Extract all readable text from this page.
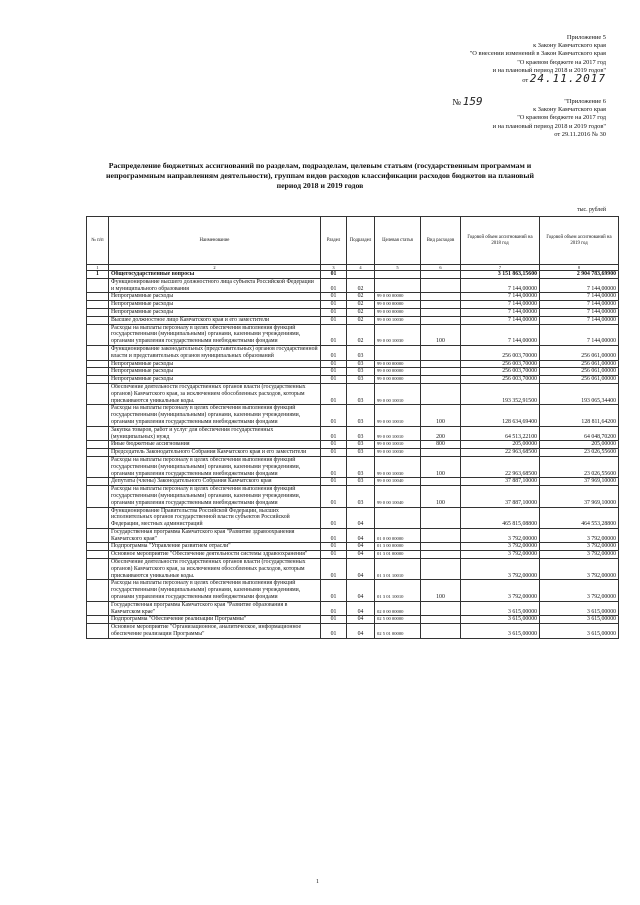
Приложение 5
к Закону Камчатского края
"О внесении изменений в Закон Камчатского края
"О краевом бюджете на 2017 год
и на плановый период 2018 и 2019 годов"
от 24.11.2017
№ 159	"Приложение 6
к Закону Камчатского края
"О краевом бюджете на 2017 год
и на плановый период 2018 и 2019 годов"
от 29.11.2016 № 30
Распределение бюджетных ассигнований по разделам, подразделам, целевым статьям (государственным программам и непрограммным направлениям деятельности), группам видов расходов классификации расходов бюджетов на плановый период 2018 и 2019 годов
тыс. рублей
№ п/п	Наименование	Раздел	Подраздел	Целевая статья	Вид расходов	Годовой объем ассигнований на 2018 год	Годовой объем ассигнований на 2019 год
1	2	3	4	5	6	7	8
1	Общегосударственные вопросы	01				3 151 863,15600	2 904 783,69900
	Функционирование высшего должностного лица субъекта Российской Федерации и муниципального образования	01	02			7 144,00000	7 144,00000
	Непрограммные расходы	01	02	99 0 00 00000		7 144,00000	7 144,00000
	Непрограммные расходы	01	02	99 0 00 00000		7 144,00000	7 144,00000
	Непрограммные расходы	01	02	99 0 00 00000		7 144,00000	7 144,00000
	Высшее должностное лицо Камчатского края и его заместители	01	02	99 0 00 10030		7 144,00000	7 144,00000
	Расходы на выплаты персоналу в целях обеспечения выполнения функций государственными (муниципальными) органами, казенными учреждениями, органами управления государственными внебюджетными фондами	01	02	99 0 00 10030	100	7 144,00000	7 144,00000
	Функционирование законодательных (представительных) органов государственной власти и представительных органов муниципальных образований	01	03			256 003,70000	256 061,00000
	Непрограммные расходы	01	03	99 0 00 00000		256 003,70000	256 061,00000
	Непрограммные расходы	01	03	99 0 00 00000		256 003,70000	256 061,00000
	Непрограммные расходы	01	03	99 0 00 00000		256 003,70000	256 061,00000
	Обеспечение деятельности государственных органов власти (государственных органов) Камчатского края, за исключением обособленных расходов, которым присваиваются уникальные коды.	01	03	99 0 00 10010		193 352,91500	193 065,34400
	Расходы на выплаты персоналу в целях обеспечения выполнения функций государственными (муниципальными) органами, казенными учреждениями, органами управления государственными внебюджетными фондами	01	03	99 0 00 10010	100	128 634,69400	128 811,64200
	Закупка товаров, работ и услуг для обеспечения государственных (муниципальных) нужд	01	03	99 0 00 10010	200	64 513,22100	64 048,70200
	Иные бюджетные ассигнования	01	03	99 0 00 10010	800	205,00000	205,00000
	Председатель Законодательного Собрания Камчатского края и его заместители	01	03	99 0 00 10030		22 963,68500	23 026,55600
	Расходы на выплаты персоналу в целях обеспечения выполнения функций государственными (муниципальными) органами, казенными учреждениями, органами управления государственными внебюджетными фондами	01	03	99 0 00 10030	100	22 963,68500	23 026,55600
	Депутаты (члены) Законодательного Собрания Камчатского края	01	03	99 0 00 10040		37 887,10000	37 969,10000
	Расходы на выплаты персоналу в целях обеспечения выполнения функций государственными (муниципальными) органами, казенными учреждениями, органами управления государственными внебюджетными фондами	01	03	99 0 00 10040	100	37 887,10000	37 969,10000
	Функционирование Правительства Российской Федерации, высших исполнительных органов государственной власти субъектов Российской Федерации, местных администраций	01	04			465 815,08800	464 553,28800
	Государственная программа Камчатского края "Развитие здравоохранения Камчатского края"	01	04	01 0 00 00000		3 792,00000	3 792,00000
	Подпрограмма "Управление развитием отрасли"	01	04	01 3 00 00000		3 792,00000	3 792,00000
	Основное мероприятие "Обеспечение деятельности системы здравоохранения"	01	04	01 3 01 00000		3 792,00000	3 792,00000
	Обеспечение деятельности государственных органов власти (государственных органов) Камчатского края, за исключением обособленных расходов, которым присваиваются уникальные коды.	01	04	01 3 01 10010		3 792,00000	3 792,00000
	Расходы на выплаты персоналу в целях обеспечения выполнения функций государственными (муниципальными) органами, казенными учреждениями, органами управления государственными внебюджетными фондами	01	04	01 3 01 10010	100	3 792,00000	3 792,00000
	Государственная программа Камчатского края "Развитие образования в Камчатском крае"	01	04	02 0 00 00000		3 615,00000	3 615,00000
	Подпрограмма "Обеспечение реализации Программы"	01	04	02 5 00 00000		3 615,00000	3 615,00000
	Основное мероприятие "Организационное, аналитическое, информационное обеспечение реализации Программы"	01	04	02 5 01 00000		3 615,00000	3 615,00000
1
